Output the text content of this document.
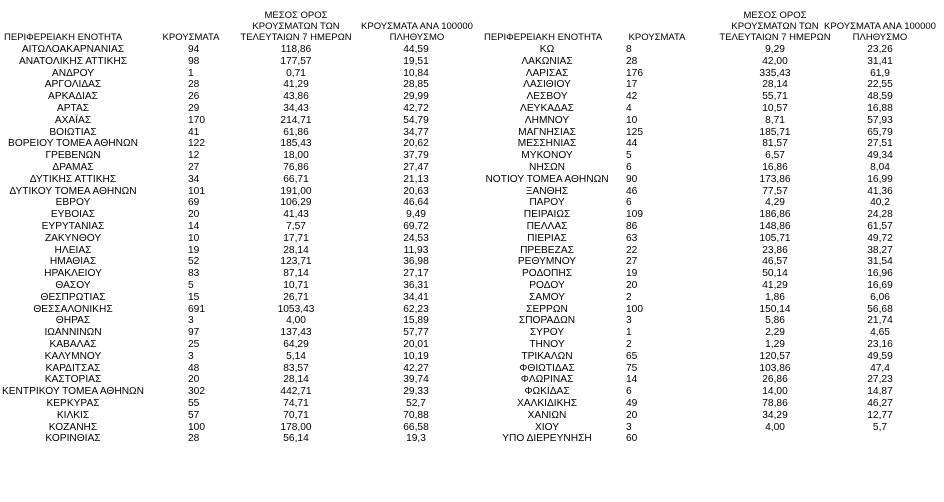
ΠΕΡΙΦΕΡΕΙΑΚΗ ΕΝΟΤΗΤΑ	ΚΡΟΥΣΜΑΤΑ
ΜΕΣΟΣ ΟΡΟΣ
ΚΡΟΥΣΜΑΤΩΝ ΤΩΝ
ΤΕΛΕΥΤΑΙΩΝ 7 ΗΜΕΡΩΝ
ΚΡΟΥΣΜΑΤΑ ΑΝΑ 100000
ΠΛΗΘΥΣΜΟ
ΑΙΤΩΛΟΑΚΑΡΝΑΝΙΑΣ	94	118,86	44,59
ΑΝΑΤΟΛΙΚΗΣ ΑΤΤΙΚΗΣ	98	177,57	19,51
ΑΝΔΡΟΥ	1	0,71	10,84
ΑΡΓΟΛΙΔΑΣ	28	41,29	28,85
ΑΡΚΑΔΙΑΣ	26	43,86	29,99
ΑΡΤΑΣ	29	34,43	42,72
ΑΧΑΪΑΣ	170	214,71	54,79
ΒΟΙΩΤΙΑΣ	41	61,86	34,77
ΒΟΡΕΙΟΥ ΤΟΜΕΑ ΑΘΗΝΩΝ	122	185,43	20,62
ΓΡΕΒΕΝΩΝ	12	18,00	37,79
ΔΡΑΜΑΣ	27	76,86	27,47
ΔΥΤΙΚΗΣ ΑΤΤΙΚΗΣ	34	66,71	21,13
ΔΥΤΙΚΟΥ ΤΟΜΕΑ ΑΘΗΝΩΝ	101	191,00	20,63
ΕΒΡΟΥ	69	106,29	46,64
ΕΥΒΟΙΑΣ	20	41,43	9,49
ΕΥΡΥΤΑΝΙΑΣ	14	7,57	69,72
ΖΑΚΥΝΘΟΥ	10	17,71	24,53
ΗΛΕΙΑΣ	19	28,14	11,93
ΗΜΑΘΙΑΣ	52	123,71	36,98
ΗΡΑΚΛΕΙΟΥ	83	87,14	27,17
ΘΑΣΟΥ	5	10,71	36,31
ΘΕΣΠΡΩΤΙΑΣ	15	26,71	34,41
ΘΕΣΣΑΛΟΝΙΚΗΣ	691	1053,43	62,23
ΘΗΡΑΣ	3	4,00	15,89
ΙΩΑΝΝΙΝΩΝ	97	137,43	57,77
ΚΑΒΑΛΑΣ	25	64,29	20,01
ΚΑΛΥΜΝΟΥ	3	5,14	10,19
ΚΑΡΔΙΤΣΑΣ	48	83,57	42,27
ΚΑΣΤΟΡΙΑΣ	20	28,14	39,74
ΚΕΝΤΡΙΚΟΥ ΤΟΜΕΑ ΑΘΗΝΩΝ	302	442,71	29,33
ΚΕΡΚΥΡΑΣ	55	74,71	52,7
ΚΙΛΚΙΣ	57	70,71	70,88
ΚΟΖΑΝΗΣ	100	178,00	66,58
ΚΟΡΙΝΘΙΑΣ	28	56,14	19,3
ΠΕΡΙΦΕΡΕΙΑΚΗ ΕΝΟΤΗΤΑ	ΚΡΟΥΣΜΑΤΑ
ΜΕΣΟΣ ΟΡΟΣ
ΚΡΟΥΣΜΑΤΩΝ ΤΩΝ
ΤΕΛΕΥΤΑΙΩΝ 7 ΗΜΕΡΩΝ
ΚΡΟΥΣΜΑΤΑ ΑΝΑ 100000
ΠΛΗΘΥΣΜΟ
ΚΩ	8	9,29	23,26
ΛΑΚΩΝΙΑΣ	28	42,00	31,41
ΛΑΡΙΣΑΣ	176	335,43	61,9
ΛΑΣΙΘΙΟΥ	17	28,14	22,55
ΛΕΣΒΟΥ	42	55,71	48,59
ΛΕΥΚΑΔΑΣ	4	10,57	16,88
ΛΗΜΝΟΥ	10	8,71	57,93
ΜΑΓΝΗΣΙΑΣ	125	185,71	65,79
ΜΕΣΣΗΝΙΑΣ	44	81,57	27,51
ΜΥΚΟΝΟΥ	5	6,57	49,34
ΝΗΣΩΝ	6	16,86	8,04
ΝΟΤΙΟΥ ΤΟΜΕΑ ΑΘΗΝΩΝ 90	173,86	16,99
ΞΑΝΘΗΣ	46	77,57	41,36
ΠΑΡΟΥ	6	4,29	40,2
ΠΕΙΡΑΙΩΣ	109	186,86	24,28
ΠΕΛΛΑΣ	86	148,86	61,57
ΠΙΕΡΙΑΣ	63	105,71	49,72
ΠΡΕΒΕΖΑΣ	22	23,86	38,27
ΡΕΘΥΜΝΟΥ	27	46,57	31,54
ΡΟΔΟΠΗΣ	19	50,14	16,96
ΡΟΔΟΥ	20	41,29	16,69
ΣΑΜΟΥ	2	1,86	6,06
ΣΕΡΡΩΝ	100	150,14	56,68
ΣΠΟΡΑΔΩΝ	3	5,86	21,74
ΣΥΡΟΥ	1	2,29	4,65
ΤΗΝΟΥ	2	1,29	23,16
ΤΡΙΚΑΛΩΝ	65	120,57	49,59
ΦΘΙΩΤΙΔΑΣ	75	103,86	47,4
ΦΛΩΡΙΝΑΣ	14	26,86	27,23
ΦΩΚΙΔΑΣ	6	14,00	14,87
ΧΑΛΚΙΔΙΚΗΣ	49	78,86	46,27
ΧΑΝΙΩΝ	20	34,29	12,77
ΧΙΟΥ	3	4,00	5,7
ΥΠΟ ΔΙΕΡΕΥΝΗΣΗ	60
